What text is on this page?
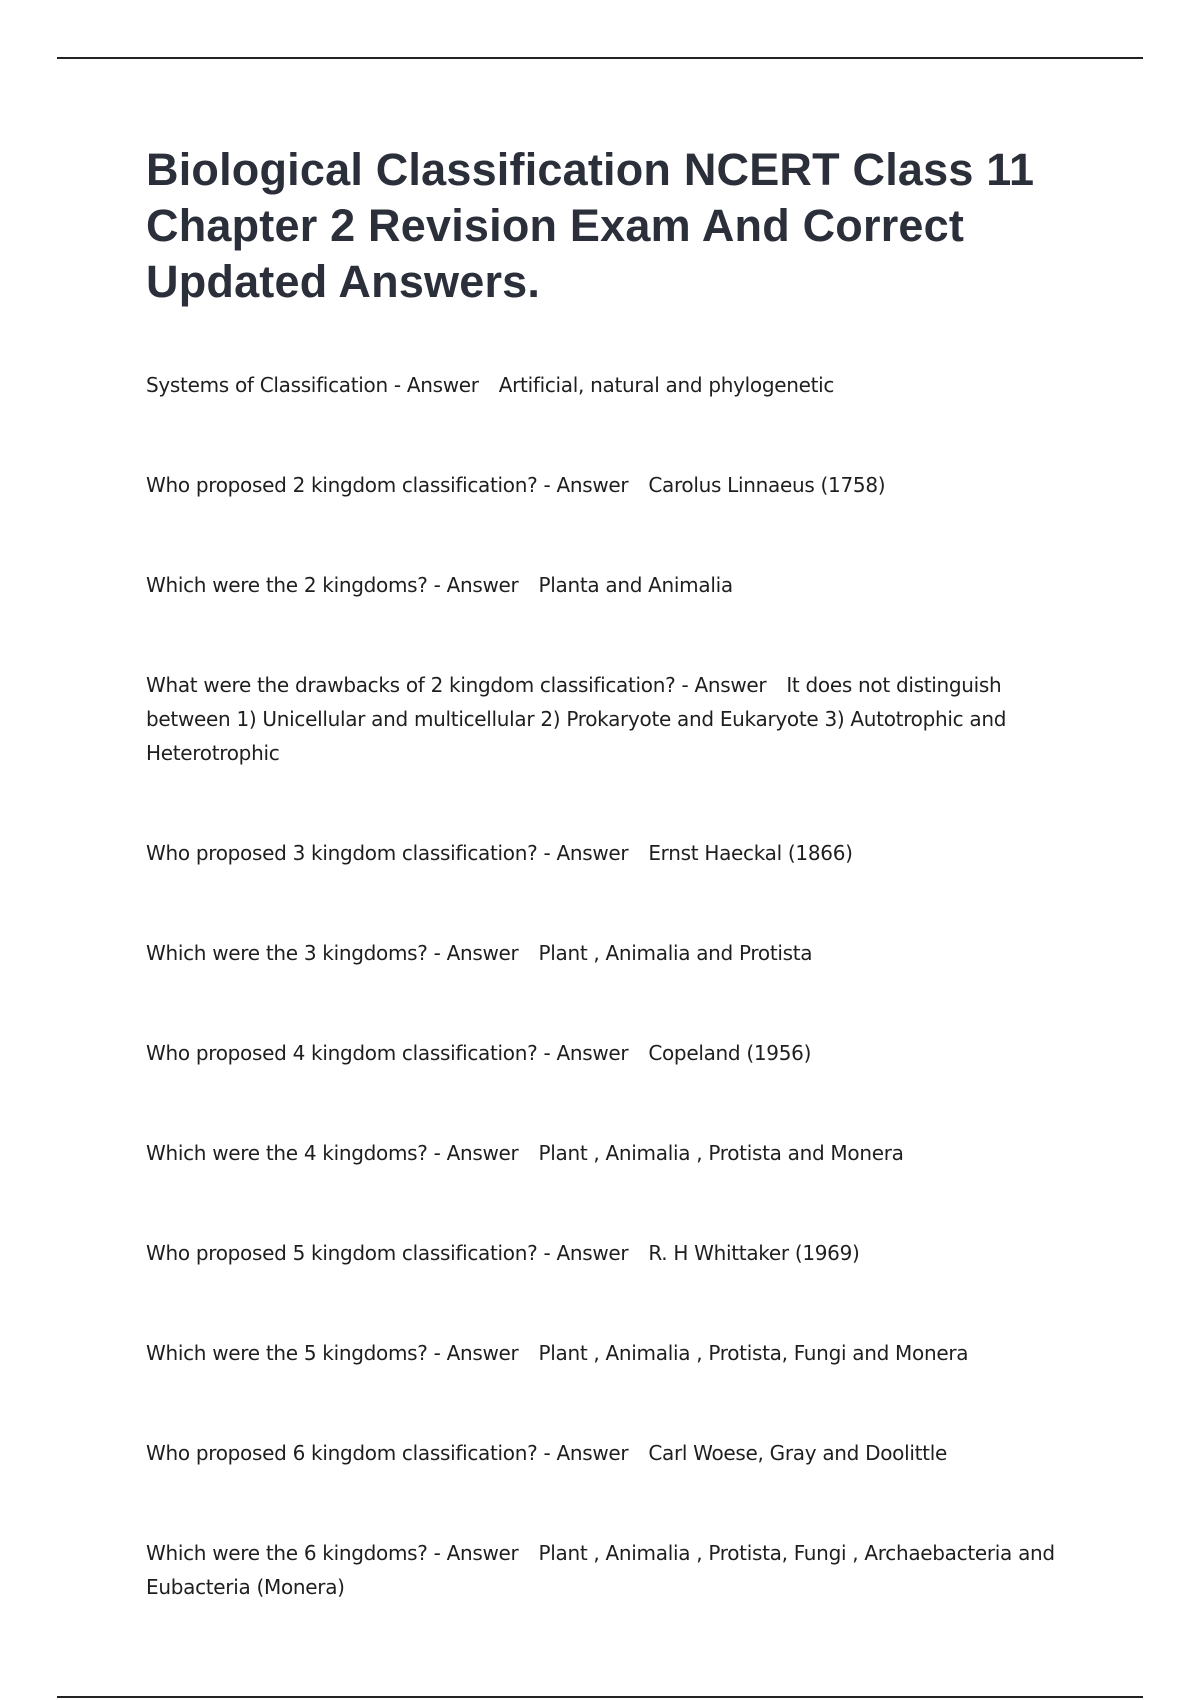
Biological Classification NCERT Class 11 Chapter 2 Revision Exam And Correct Updated Answers.
Systems of Classification - Answer Artificial, natural and phylogenetic
Who proposed 2 kingdom classification? - Answer Carolus Linnaeus (1758)
Which were the 2 kingdoms? - Answer Planta and Animalia
What were the drawbacks of 2 kingdom classification? - Answer It does not distinguish between 1) Unicellular and multicellular 2) Prokaryote and Eukaryote 3) Autotrophic and Heterotrophic
Who proposed 3 kingdom classification? - Answer Ernst Haeckal (1866)
Which were the 3 kingdoms? - Answer Plant , Animalia and Protista
Who proposed 4 kingdom classification? - Answer Copeland (1956)
Which were the 4 kingdoms? - Answer Plant , Animalia , Protista and Monera
Who proposed 5 kingdom classification? - Answer R. H Whittaker (1969)
Which were the 5 kingdoms? - Answer Plant , Animalia , Protista, Fungi and Monera
Who proposed 6 kingdom classification? - Answer Carl Woese, Gray and Doolittle
Which were the 6 kingdoms? - Answer Plant , Animalia , Protista, Fungi , Archaebacteria and Eubacteria (Monera)
